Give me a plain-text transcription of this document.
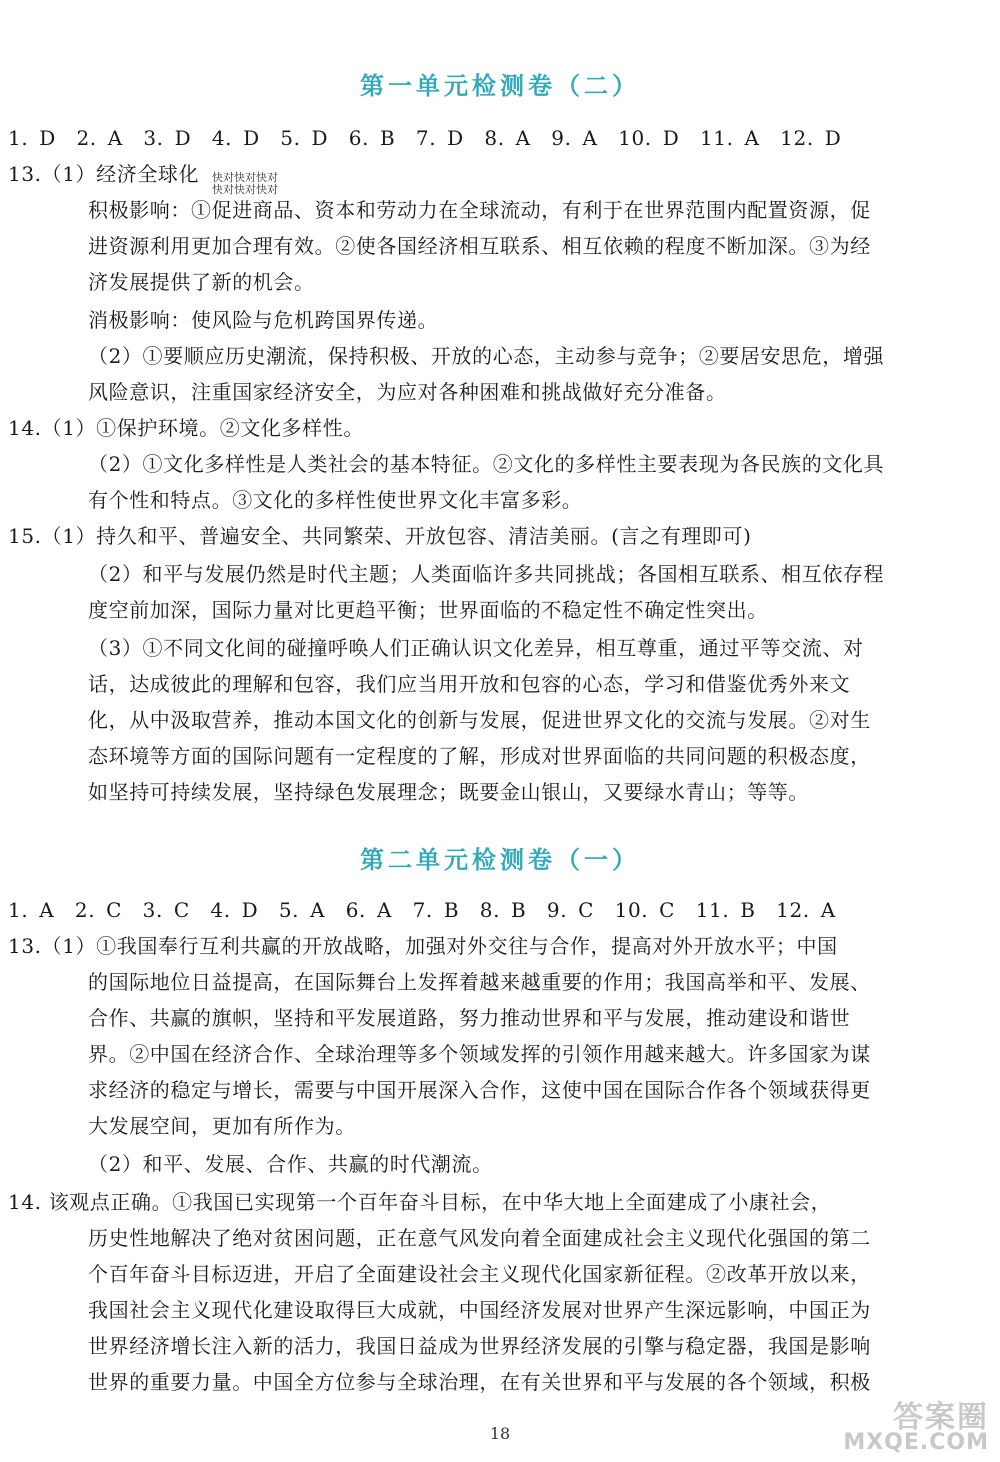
第一单元检测卷（二）
1. D　2. A　3. D　4. D　5. D　6. B　7. D　8. A　9. A　10. D　11. A　12. D
13.（1）经济全球化 快对快对快对
快对快对快对
积极影响：①促进商品、资本和劳动力在全球流动，有利于在世界范围内配置资源，促
进资源利用更加合理有效。②使各国经济相互联系、相互依赖的程度不断加深。③为经
济发展提供了新的机会。
消极影响：使风险与危机跨国界传递。
（2）①要顺应历史潮流，保持积极、开放的心态，主动参与竞争；②要居安思危，增强
风险意识，注重国家经济安全，为应对各种困难和挑战做好充分准备。
14.（1）①保护环境。②文化多样性。
（2）①文化多样性是人类社会的基本特征。②文化的多样性主要表现为各民族的文化具
有个性和特点。③文化的多样性使世界文化丰富多彩。
15.（1）持久和平、普遍安全、共同繁荣、开放包容、清洁美丽。(言之有理即可)
（2）和平与发展仍然是时代主题；人类面临许多共同挑战；各国相互联系、相互依存程
度空前加深，国际力量对比更趋平衡；世界面临的不稳定性不确定性突出。
（3）①不同文化间的碰撞呼唤人们正确认识文化差异，相互尊重，通过平等交流、对
话，达成彼此的理解和包容，我们应当用开放和包容的心态，学习和借鉴优秀外来文
化，从中汲取营养，推动本国文化的创新与发展，促进世界文化的交流与发展。②对生
态环境等方面的国际问题有一定程度的了解，形成对世界面临的共同问题的积极态度，
如坚持可持续发展，坚持绿色发展理念；既要金山银山，又要绿水青山；等等。
第二单元检测卷（一）
1. A　2. C　3. C　4. D　5. A　6. A　7. B　8. B　9. C　10. C　11. B　12. A
13.（1）①我国奉行互利共赢的开放战略，加强对外交往与合作，提高对外开放水平；中国
的国际地位日益提高，在国际舞台上发挥着越来越重要的作用；我国高举和平、发展、
合作、共赢的旗帜，坚持和平发展道路，努力推动世界和平与发展，推动建设和谐世
界。②中国在经济合作、全球治理等多个领域发挥的引领作用越来越大。许多国家为谋
求经济的稳定与增长，需要与中国开展深入合作，这使中国在国际合作各个领域获得更
大发展空间，更加有所作为。
（2）和平、发展、合作、共赢的时代潮流。
14. 该观点正确。①我国已实现第一个百年奋斗目标，在中华大地上全面建成了小康社会，
历史性地解决了绝对贫困问题，正在意气风发向着全面建成社会主义现代化强国的第二
个百年奋斗目标迈进，开启了全面建设社会主义现代化国家新征程。②改革开放以来，
我国社会主义现代化建设取得巨大成就，中国经济发展对世界产生深远影响，中国正为
世界经济增长注入新的活力，我国日益成为世界经济发展的引擎与稳定器，我国是影响
世界的重要力量。中国全方位参与全球治理，在有关世界和平与发展的各个领域，积极
18	答案圈
MXQE.COM
